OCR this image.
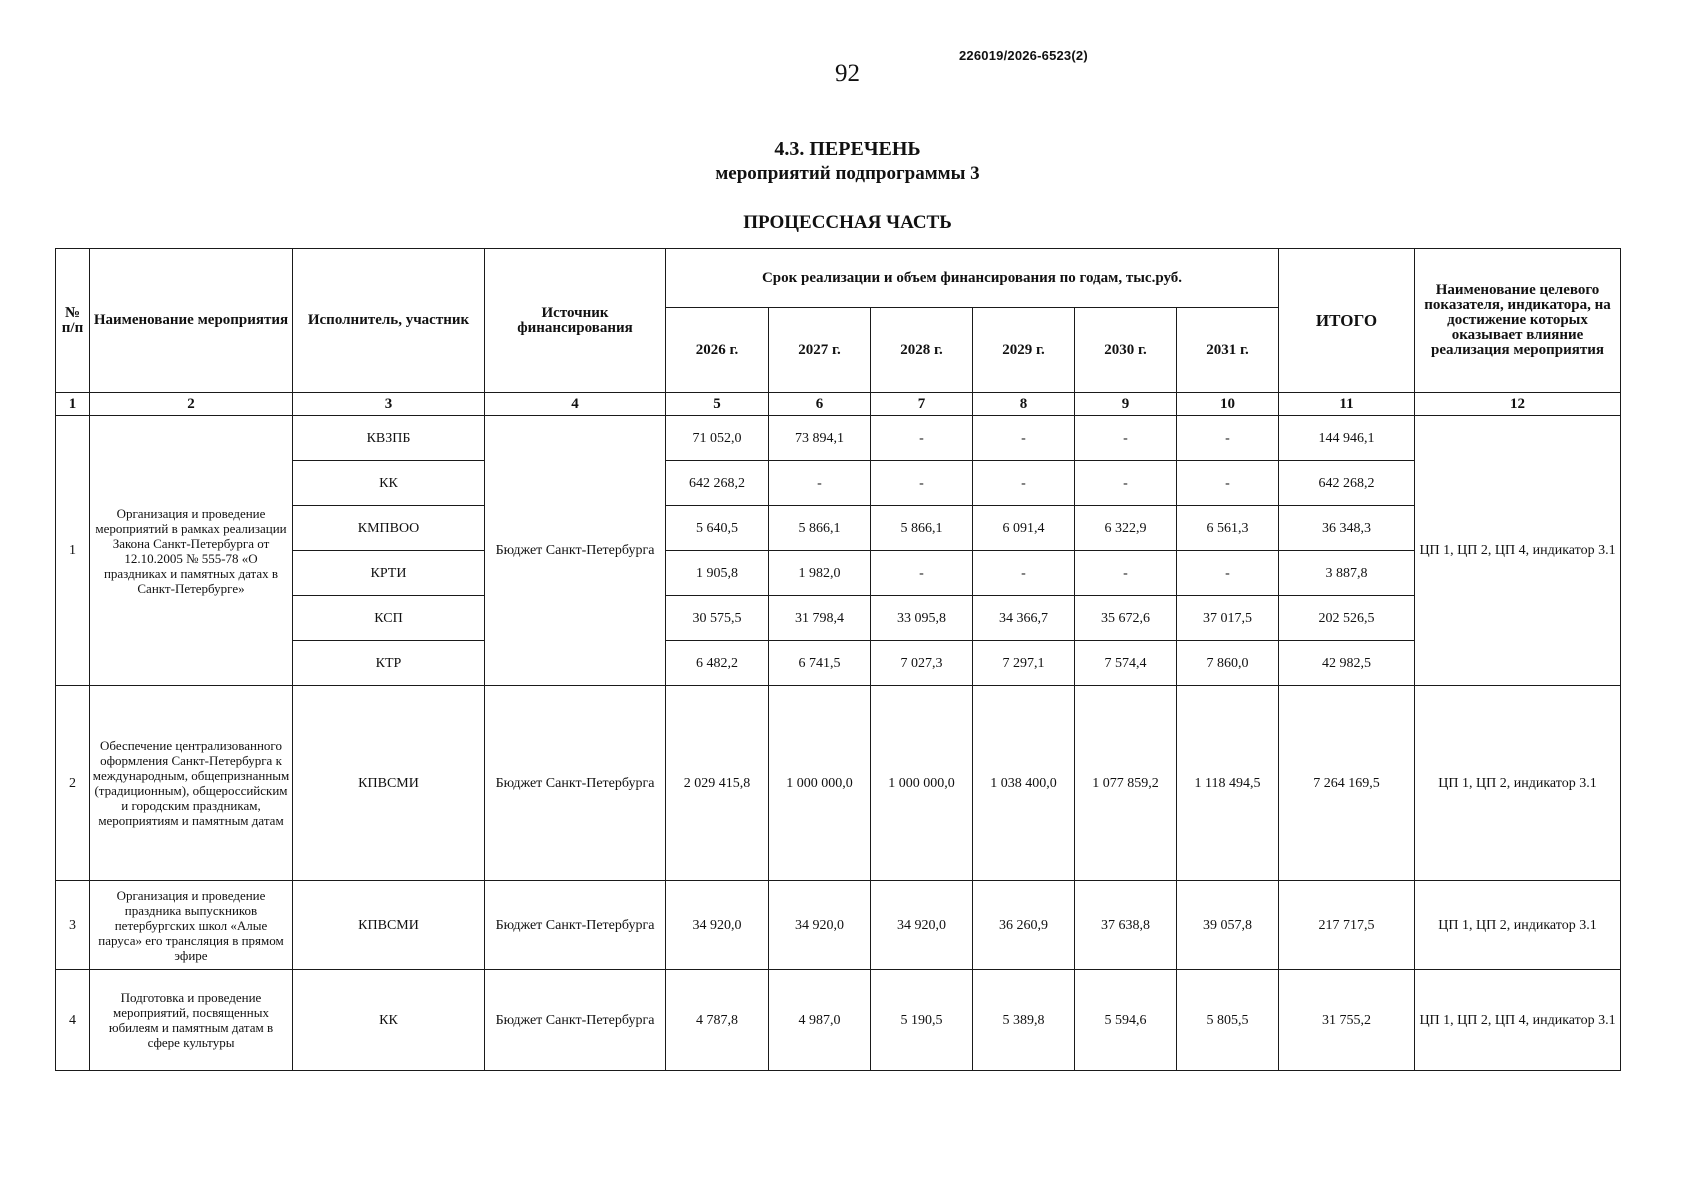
226019/2026-6523(2)
92
4.3. ПЕРЕЧЕНЬ
мероприятий подпрограммы 3
ПРОЦЕССНАЯ ЧАСТЬ
№ п/п	Наименование мероприятия	Исполнитель, участник	Источник финансирования	Срок реализации и объем финансирования по годам, тыс.руб.						ИТОГО	Наименование целевого показателя, индикатора, на достижение которых оказывает влияние реализация мероприятия
				2026 г.	2027 г.	2028 г.	2029 г.	2030 г.	2031 г.		
1	2	3	4	5	6	7	8	9	10	11	12
1	Организация и проведение мероприятий в рамках реализации Закона Санкт-Петербурга от 12.10.2005 № 555-78 «О праздниках и памятных датах в Санкт-Петербурге»	КВЗПБ	Бюджет Санкт-Петербурга	71 052,0	73 894,1	-	-	-	-	144 946,1	ЦП 1, ЦП 2, ЦП 4, индикатор 3.1
		КК		642 268,2	-	-	-	-	-	642 268,2	
		КМПВОО		5 640,5	5 866,1	5 866,1	6 091,4	6 322,9	6 561,3	36 348,3	
		КРТИ		1 905,8	1 982,0	-	-	-	-	3 887,8	
		КСП		30 575,5	31 798,4	33 095,8	34 366,7	35 672,6	37 017,5	202 526,5	
		КТР		6 482,2	6 741,5	7 027,3	7 297,1	7 574,4	7 860,0	42 982,5	
2	Обеспечение централизованного оформления Санкт-Петербурга к международным, общепризнанным (традиционным), общероссийским и городским праздникам, мероприятиям и памятным датам	КПВСМИ	Бюджет Санкт-Петербурга	2 029 415,8	1 000 000,0	1 000 000,0	1 038 400,0	1 077 859,2	1 118 494,5	7 264 169,5	ЦП 1, ЦП 2, индикатор 3.1
3	Организация и проведение праздника выпускников петербургских школ «Алые паруса» его трансляция в прямом эфире	КПВСМИ	Бюджет Санкт-Петербурга	34 920,0	34 920,0	34 920,0	36 260,9	37 638,8	39 057,8	217 717,5	ЦП 1, ЦП 2, индикатор 3.1
4	Подготовка и проведение мероприятий, посвященных юбилеям и памятным датам в сфере культуры	КК	Бюджет Санкт-Петербурга	4 787,8	4 987,0	5 190,5	5 389,8	5 594,6	5 805,5	31 755,2	ЦП 1, ЦП 2, ЦП 4, индикатор 3.1
